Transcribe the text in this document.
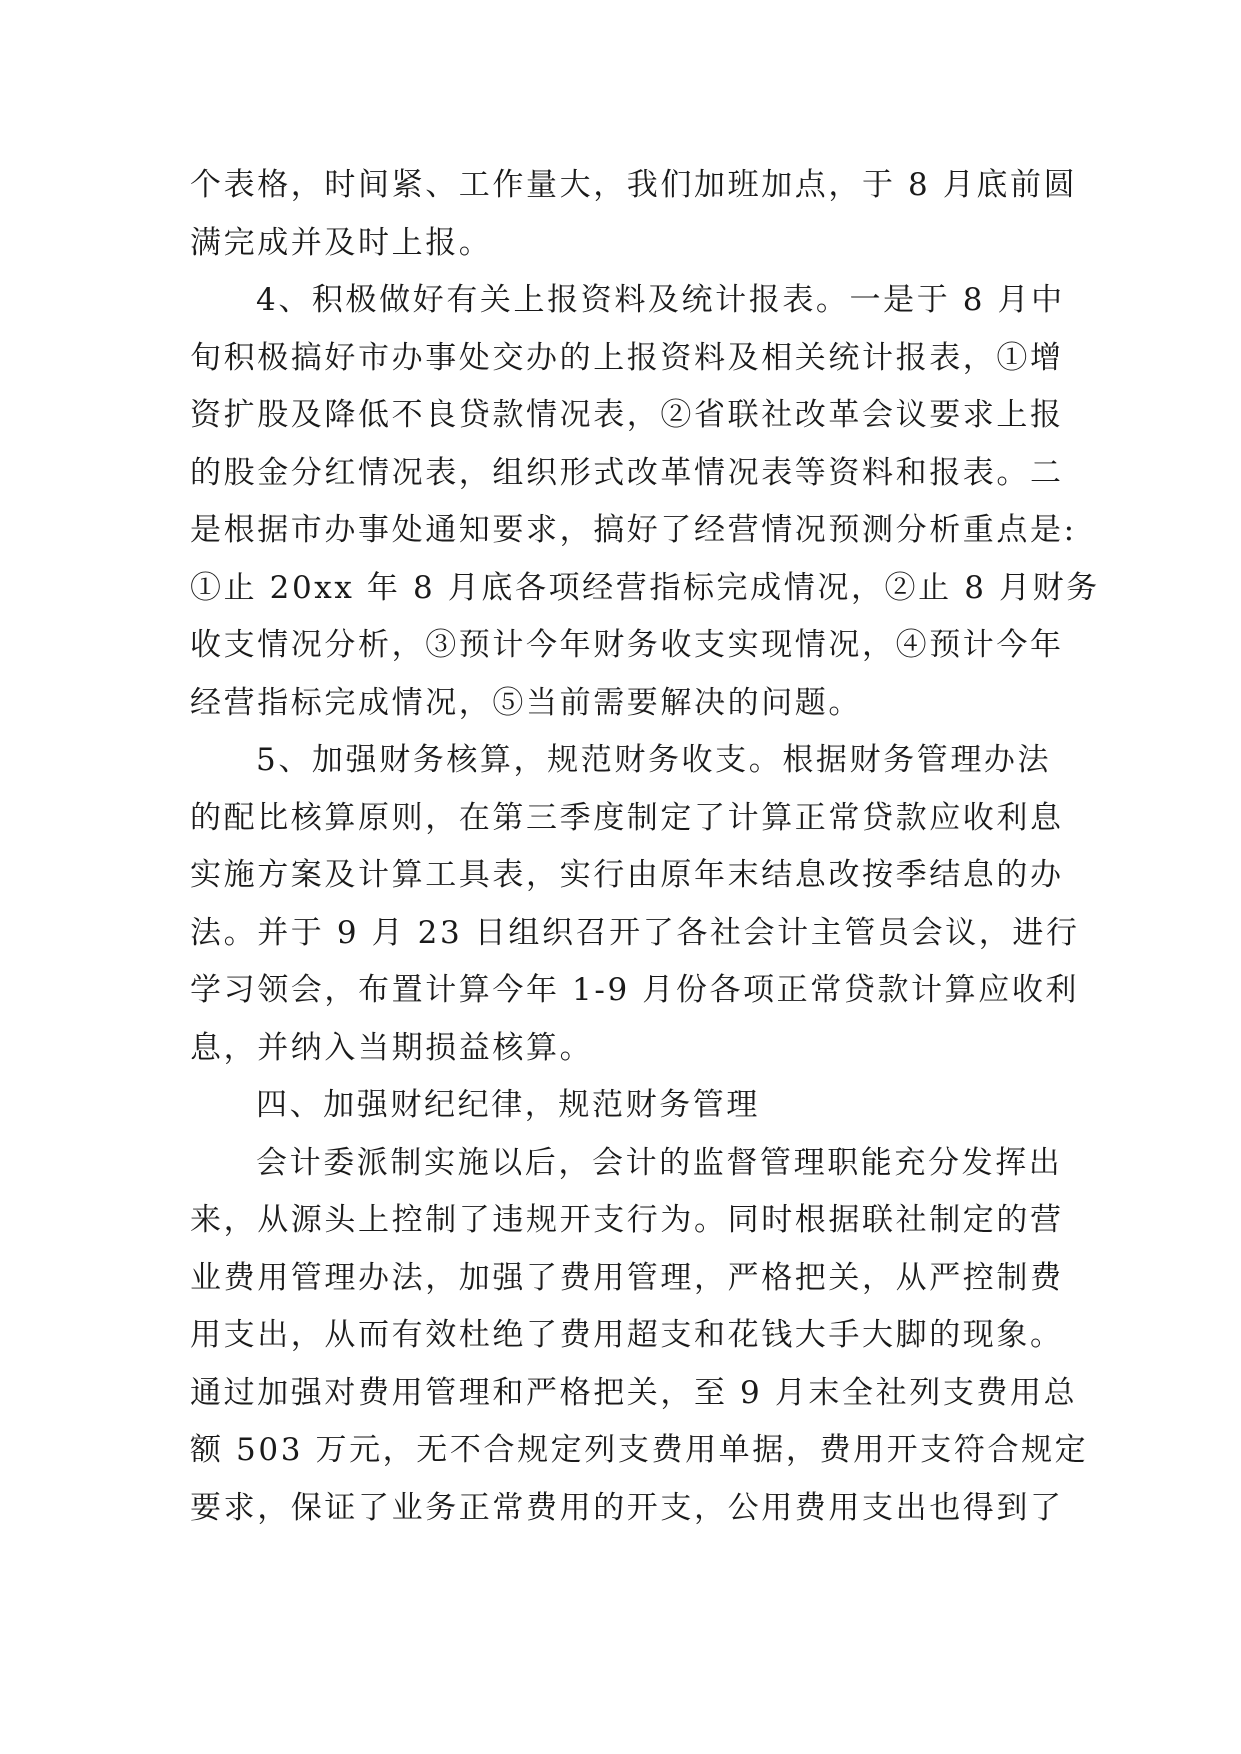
个表格，时间紧、工作量大，我们加班加点，于 8 月底前圆
满完成并及时上报。
4、积极做好有关上报资料及统计报表。一是于 8 月中
旬积极搞好市办事处交办的上报资料及相关统计报表，①增
资扩股及降低不良贷款情况表，②省联社改革会议要求上报
的股金分红情况表，组织形式改革情况表等资料和报表。二
是根据市办事处通知要求，搞好了经营情况预测分析重点是:
①止 20xx 年 8 月底各项经营指标完成情况，②止 8 月财务
收支情况分析，③预计今年财务收支实现情况，④预计今年
经营指标完成情况，⑤当前需要解决的问题。
5、加强财务核算，规范财务收支。根据财务管理办法
的配比核算原则，在第三季度制定了计算正常贷款应收利息
实施方案及计算工具表，实行由原年末结息改按季结息的办
法。并于 9 月 23 日组织召开了各社会计主管员会议，进行
学习领会，布置计算今年 1-9 月份各项正常贷款计算应收利
息，并纳入当期损益核算。
四、加强财纪纪律，规范财务管理
会计委派制实施以后，会计的监督管理职能充分发挥出
来，从源头上控制了违规开支行为。同时根据联社制定的营
业费用管理办法，加强了费用管理，严格把关，从严控制费
用支出，从而有效杜绝了费用超支和花钱大手大脚的现象。
通过加强对费用管理和严格把关，至 9 月末全社列支费用总
额 503 万元，无不合规定列支费用单据，费用开支符合规定
要求，保证了业务正常费用的开支，公用费用支出也得到了
